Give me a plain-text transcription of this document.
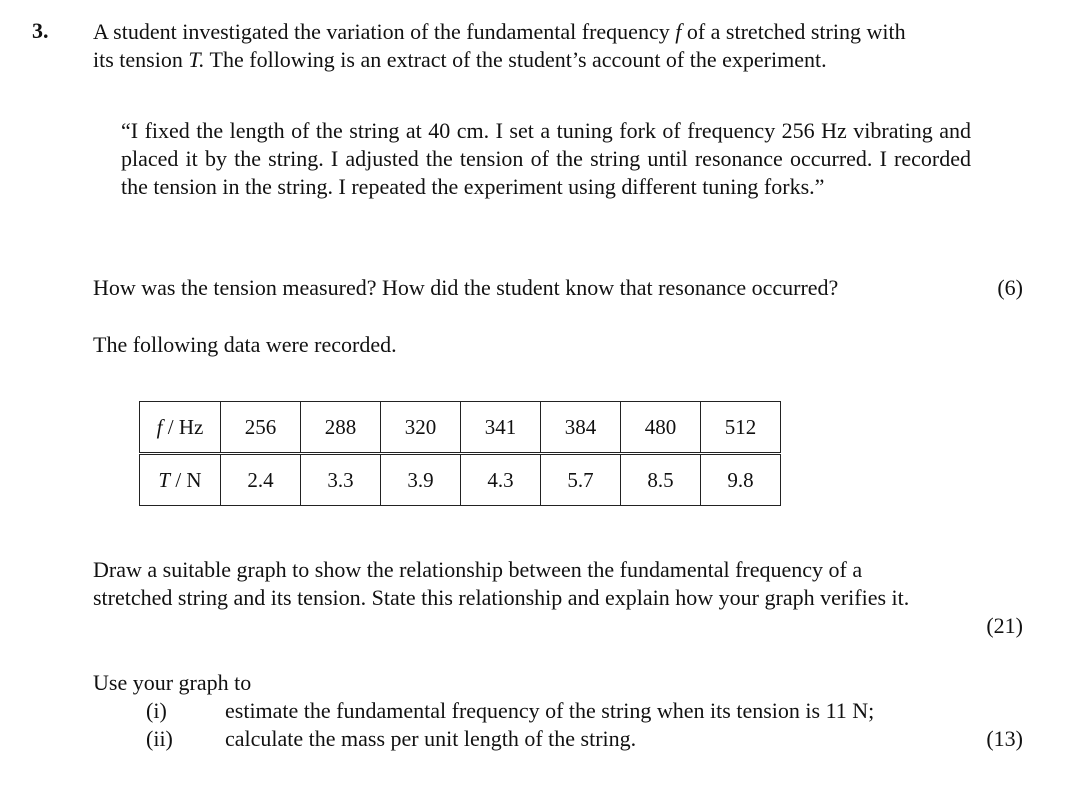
3. A student investigated the variation of the fundamental frequency f of a stretched string with

its tension T. The following is an extract of the student’s account of the experiment.

“I fixed the length of the string at 40 cm. I set a tuning fork of frequency 256 Hz vibrating and placed it by the string. I adjusted the tension of the string until resonance occurred. I recorded the tension in the string. I repeated the experiment using different tuning forks.”
How was the tension measured? How did the student know that resonance occurred?	(6)
The following data were recorded.
f / Hz	256	288	320	341	384	480	512
T / N	2.4	3.3	3.9	4.3	5.7	8.5	9.8
Draw a suitable graph to show the relationship between the fundamental frequency of a
stretched string and its tension. State this relationship and explain how your graph verifies it.
(21)
Use your graph to
(i)	estimate the fundamental frequency of the string when its tension is 11 N;
(ii) calculate the mass per unit length of the string.	(13)
